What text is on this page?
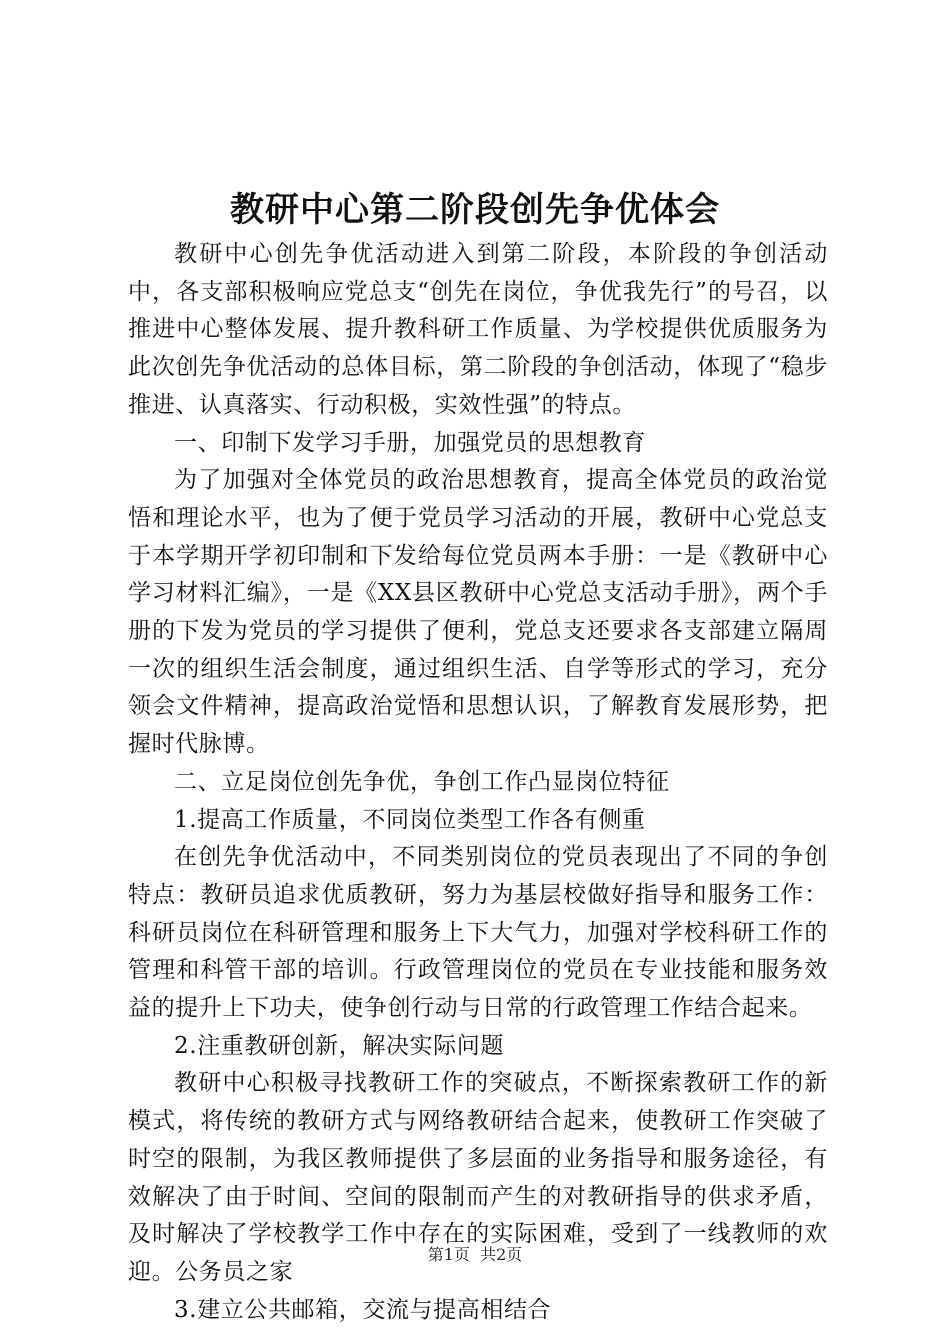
教研中心第二阶段创先争优体会

教研中心创先争优活动进入到第二阶段，本阶段的争创活动中，各支部积极响应党总支“创先在岗位，争优我先行”的号召，以推进中心整体发展、提升教科研工作质量、为学校提供优质服务为此次创先争优活动的总体目标，第二阶段的争创活动，体现了“稳步推进、认真落实、行动积极，实效性强”的特点。

一、印制下发学习手册，加强党员的思想教育

为了加强对全体党员的政治思想教育，提高全体党员的政治觉悟和理论水平，也为了便于党员学习活动的开展，教研中心党总支于本学期开学初印制和下发给每位党员两本手册：一是《教研中心学习材料汇编》，一是《XX县区教研中心党总支活动手册》，两个手册的下发为党员的学习提供了便利，党总支还要求各支部建立隔周一次的组织生活会制度，通过组织生活、自学等形式的学习，充分领会文件精神，提高政治觉悟和思想认识，了解教育发展形势，把握时代脉博。

二、立足岗位创先争优，争创工作凸显岗位特征

1.提高工作质量，不同岗位类型工作各有侧重

在创先争优活动中，不同类别岗位的党员表现出了不同的争创特点：教研员追求优质教研，努力为基层校做好指导和服务工作：科研员岗位在科研管理和服务上下大气力，加强对学校科研工作的管理和科管干部的培训。行政管理岗位的党员在专业技能和服务效益的提升上下功夫，使争创行动与日常的行政管理工作结合起来。

2.注重教研创新，解决实际问题

教研中心积极寻找教研工作的突破点，不断探索教研工作的新模式，将传统的教研方式与网络教研结合起来，使教研工作突破了时空的限制，为我区教师提供了多层面的业务指导和服务途径，有效解决了由于时间、空间的限制而产生的对教研指导的供求矛盾，及时解决了学校教学工作中存在的实际困难，受到了一线教师的欢迎。公务员之家

3.建立公共邮箱，交流与提高相结合

第1页 共2页
